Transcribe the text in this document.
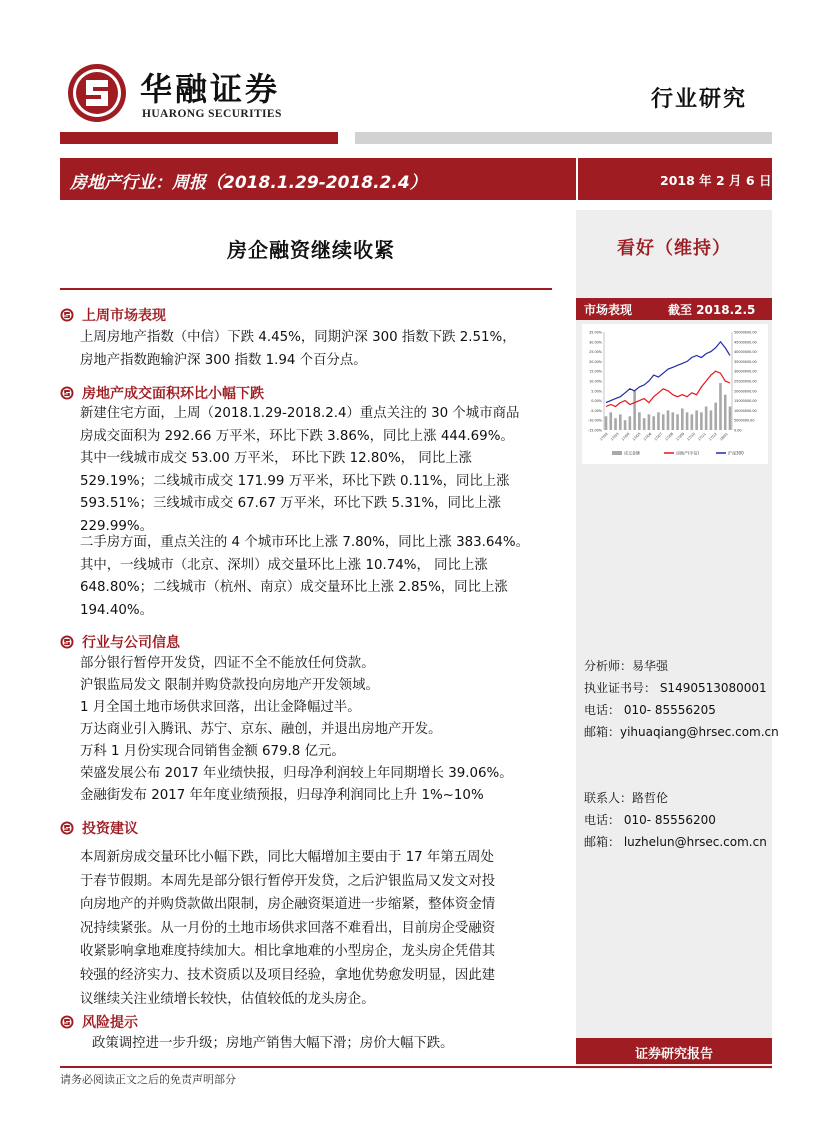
华融证券
HUARONG SECURITIES
行业研究
房地产行业：周报（2018.1.29-2018.2.4）	2018 年 2 月 6 日
房企融资继续收紧	看好（维持）
上周市场表现
上周房地产指数（中信）下跌 4.45%，同期沪深 300 指数下跌 2.51%，
房地产指数跑输沪深 300 指数 1.94 个百分点。
房地产成交面积环比小幅下跌
新建住宅方面，上周（2018.1.29-2018.2.4）重点关注的 30 个城市商品
房成交面积为 292.66 万平米，环比下跌 3.86%，同比上涨 444.69%。
其中一线城市成交 53.00 万平米， 环比下跌 12.80%， 同比上涨
529.19%；二线城市成交 171.99 万平米，环比下跌 0.11%，同比上涨
593.51%；三线城市成交 67.67 万平米，环比下跌 5.31%，同比上涨
229.99%。
二手房方面，重点关注的 4 个城市环比上涨 7.80%，同比上涨 383.64%。
其中，一线城市（北京、深圳）成交量环比上涨 10.74%， 同比上涨
648.80%；二线城市（杭州、南京）成交量环比上涨 2.85%，同比上涨
194.40%。
行业与公司信息
部分银行暂停开发贷，四证不全不能放任何贷款。
沪银监局发文 限制并购贷款投向房地产开发领域。
1 月全国土地市场供求回落，出让金降幅过半。
万达商业引入腾讯、苏宁、京东、融创，并退出房地产开发。
万科 1 月份实现合同销售金额 679.8 亿元。
荣盛发展公布 2017 年业绩快报，归母净利润较上年同期增长 39.06%。
金融街发布 2017 年年度业绩预报，归母净利润同比上升 1%~10%
投资建议
本周新房成交量环比小幅下跌，同比大幅增加主要由于 17 年第五周处
于春节假期。本周先是部分银行暂停开发贷，之后沪银监局又发文对投
向房地产的并购贷款做出限制，房企融资渠道进一步缩紧，整体资金情
况持续紧张。从一月份的土地市场供求回落不难看出，目前房企受融资
收紧影响拿地难度持续加大。相比拿地难的小型房企，龙头房企凭借其
较强的经济实力、技术资质以及项目经验，拿地优势愈发明显，因此建
议继续关注业绩增长较快，估值较低的龙头房企。
风险提示
政策调控进一步升级；房地产销售大幅下滑；房价大幅下跌。
市场表现	截至 2018.2.5
-15.00%
-10.00%
-5.00%
0.00%
5.00%
10.00%
15.00%
20.00%
25.00%
30.00%
35.00%
0.00
5000000.00
10000000.00
15000000.00
20000000.00
25000000.00
30000000.00
35000000.00
40000000.00
45000000.00
50000000.00
17/02 17/03 17/04 17/05 17/06 17/07 17/08 17/09 17/10 17/11 17/12 18/01
成交金额	房地产(中信)	沪深300
分析师：易华强
执业证书号： S1490513080001
电话： 010- 85556205
邮箱：yihuaqiang@hrsec.com.cn
联系人：路哲伦
电话： 010- 85556200
邮箱： luzhelun@hrsec.com.cn
证券研究报告
请务必阅读正文之后的免责声明部分
